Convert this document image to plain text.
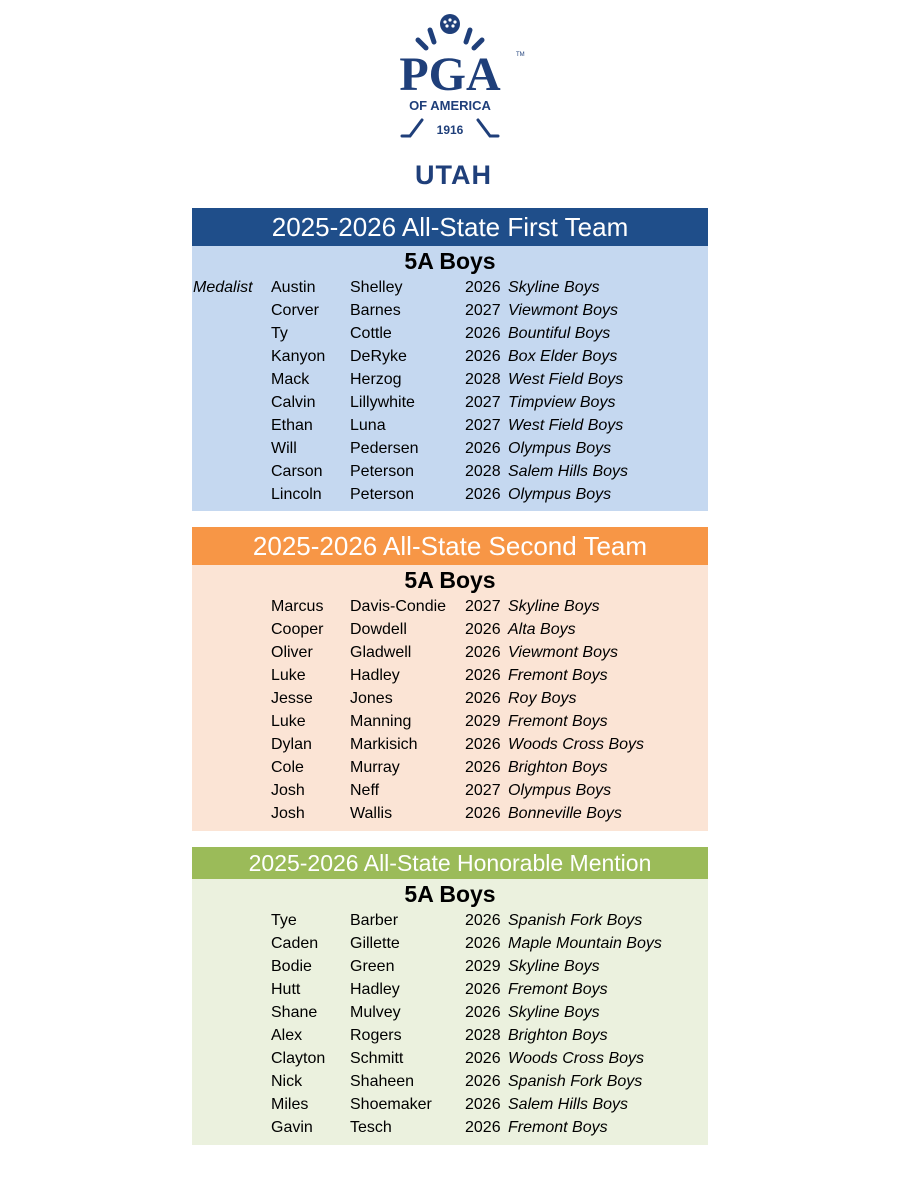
PGA	TM
OF AMERICA
1916
UTAH
2025-2026 All-State First Team
5A Boys
Medalist Austin Shelley	2026 Skyline Boys
Corver Barnes	2027 Viewmont Boys
Ty	Cottle	2026 Bountiful Boys
Kanyon DeRyke	2026 Box Elder Boys
Mack	Herzog	2028 West Field Boys
Calvin Lillywhite	2027 Timpview Boys
Ethan Luna	2027 West Field Boys
Will	Pedersen	2026 Olympus Boys
Carson Peterson	2028 Salem Hills Boys
Lincoln Peterson	2026 Olympus Boys
2025-2026 All-State Second Team
5A Boys
Marcus Davis-Condie 2027 Skyline Boys
Cooper Dowdell	2026 Alta Boys
Oliver Gladwell	2026 Viewmont Boys
Luke	Hadley	2026 Fremont Boys
Jesse Jones	2026 Roy Boys
Luke	Manning	2029 Fremont Boys
Dylan Markisich	2026 Woods Cross Boys
Cole	Murray	2026 Brighton Boys
Josh	Neff	2027 Olympus Boys
Josh	Wallis	2026 Bonneville Boys
2025-2026 All-State Honorable Mention
5A Boys
Tye	Barber	2026 Spanish Fork Boys
Caden Gillette	2026 Maple Mountain Boys
Bodie Green	2029 Skyline Boys
Hutt	Hadley	2026 Fremont Boys
Shane Mulvey	2026 Skyline Boys
Alex	Rogers	2028 Brighton Boys
Clayton Schmitt	2026 Woods Cross Boys
Nick	Shaheen	2026 Spanish Fork Boys
Miles	Shoemaker 2026 Salem Hills Boys
Gavin Tesch	2026 Fremont Boys
